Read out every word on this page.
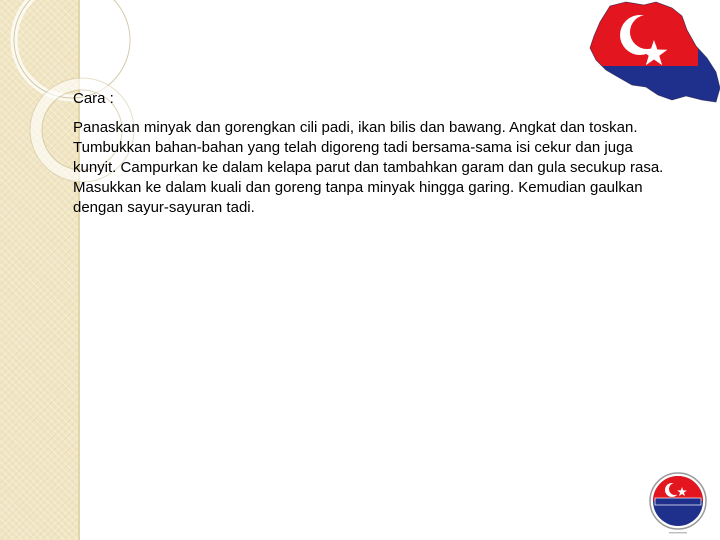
Cara :

Panaskan minyak dan gorengkan cili padi, ikan bilis dan bawang. Angkat dan toskan. Tumbukkan bahan-bahan yang telah digoreng tadi bersama-sama isi cekur dan juga kunyit. Campurkan ke dalam kelapa parut dan tambahkan garam dan gula secukup rasa. Masukkan ke dalam kuali dan goreng tanpa minyak hingga garing. Kemudian gaulkan dengan sayur-sayuran tadi.
